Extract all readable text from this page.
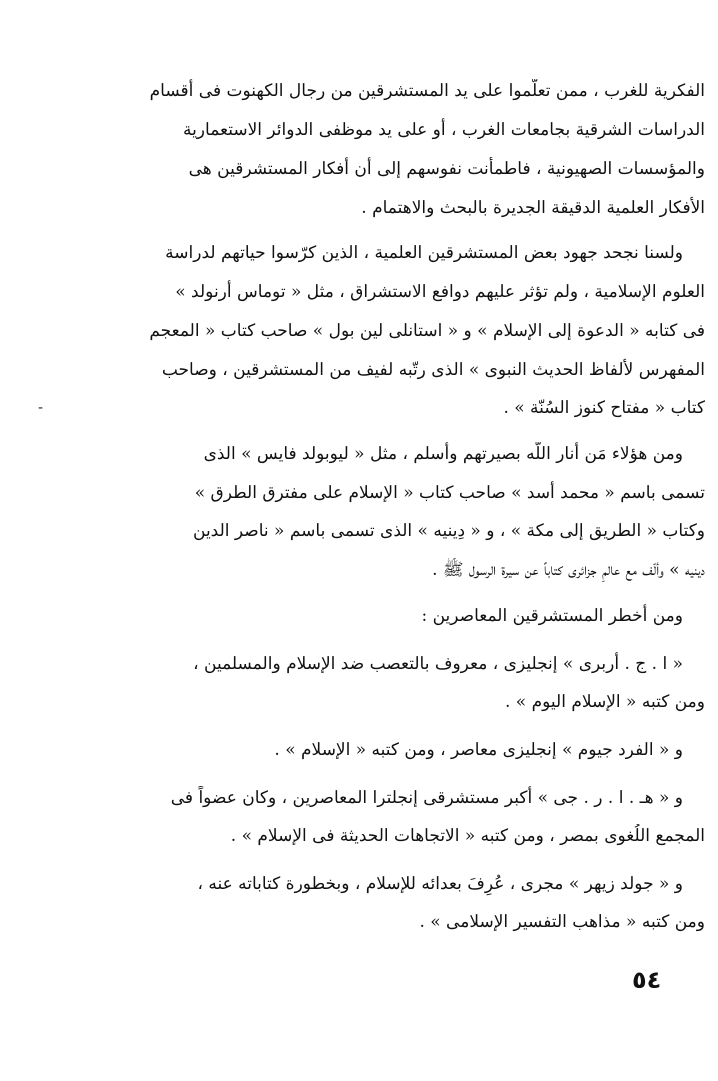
الفكرية للغرب ، ممن تعلّموا على يد المستشرقين من رجال الكهنوت فى أقسام
الدراسات الشرقية بجامعات الغرب ، أو على يد موظفى الدوائر الاستعمارية
والمؤسسات الصهيونية ، فاطمأنت نفوسهم إلى أن أفكار المستشرقين هى
الأفكار العلمية الدقيقة الجديرة بالبحث والاهتمام .
ولسنا نجحد جهود بعض المستشرقين العلمية ، الذين كرّسوا حياتهم لدراسة
العلوم الإسلامية ، ولم تؤثر عليهم دوافع الاستشراق ، مثل « توماس أرنولد »
فى كتابه « الدعوة إلى الإسلام » و « استانلى لين بول » صاحب كتاب « المعجم
المفهرس لألفاظ الحديث النبوى » الذى رتّبه لفيف من المستشرقين ، وصاحب
كتاب « مفتاح كنوز السُنّة » .
ومن هؤلاء مَن أنار اللّه بصيرتهم وأسلم ، مثل « ليوبولد فايس » الذى
تسمى باسم « محمد أسد » صاحب كتاب « الإسلام على مفترق الطرق »
وكتاب « الطريق إلى مكة » ، و « دِينيه » الذى تسمى باسم « ناصر الدين
دينيه » وألّف مع عالمٍ جزائرى كتاباً عن سيرة الرسول ﷺ .
ومن أخطر المستشرقين المعاصرين :
« ا . ج . أربرى » إنجليزى ، معروف بالتعصب ضد الإسلام والمسلمين ،
ومن كتبه « الإسلام اليوم » .
و « الفرد جيوم » إنجليزى معاصر ، ومن كتبه « الإسلام » .
و « هـ . ا . ر . جى » أكبر مستشرقى إنجلترا المعاصرين ، وكان عضواً فى
المجمع اللُغوى بمصر ، ومن كتبه « الاتجاهات الحديثة فى الإسلام » .
و « جولد زيهر » مجرى ، عُرِفَ بعدائه للإسلام ، وبخطورة كتاباته عنه ،
ومن كتبه « مذاهب التفسير الإسلامى » .
٥٤
-
